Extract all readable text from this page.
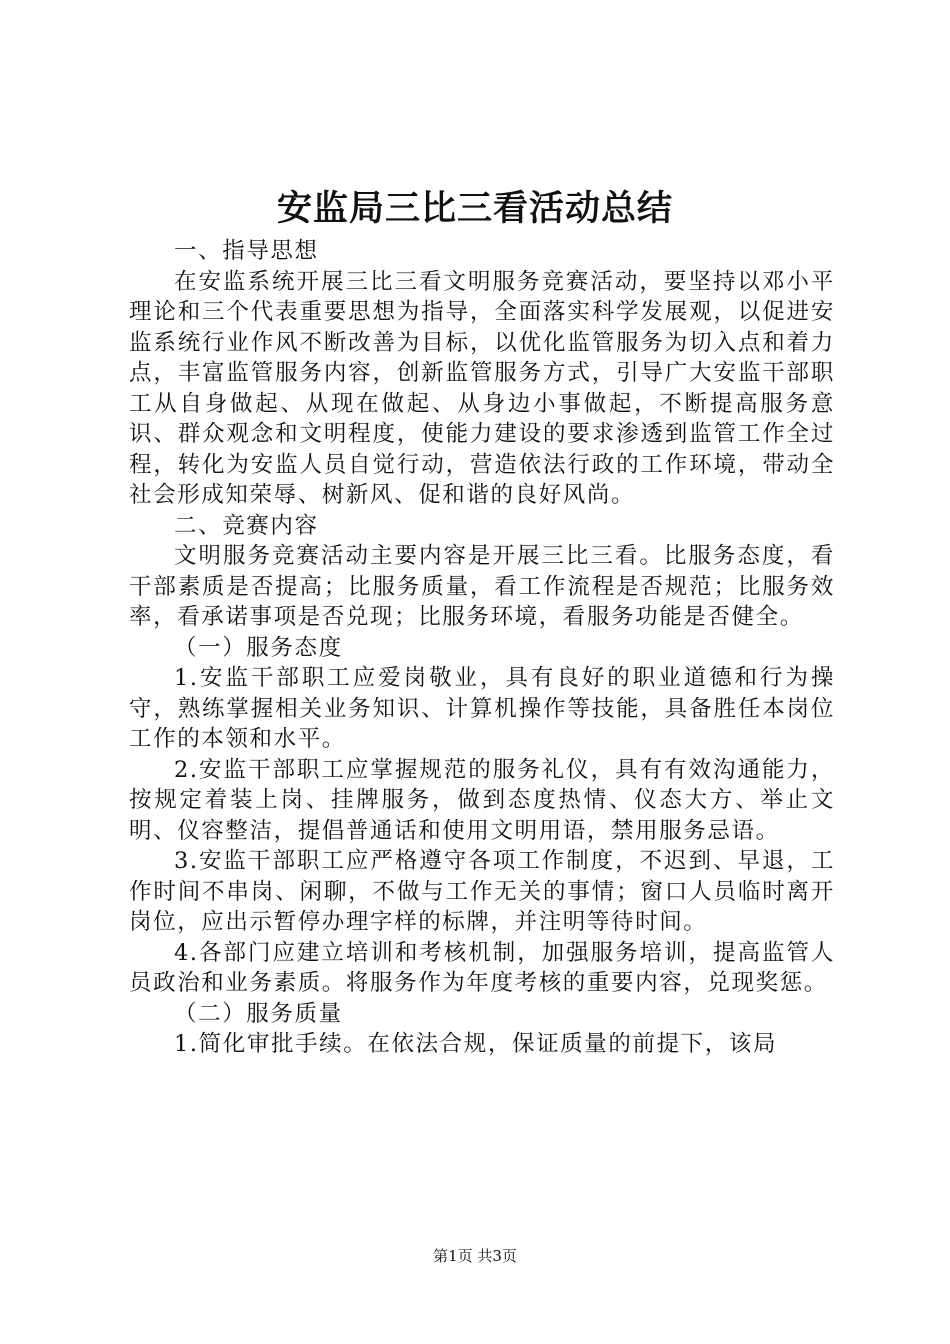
安监局三比三看活动总结

一、指导思想

在安监系统开展三比三看文明服务竞赛活动，要坚持以邓小平理论和三个代表重要思想为指导，全面落实科学发展观，以促进安监系统行业作风不断改善为目标，以优化监管服务为切入点和着力点，丰富监管服务内容，创新监管服务方式，引导广大安监干部职工从自身做起、从现在做起、从身边小事做起，不断提高服务意识、群众观念和文明程度，使能力建设的要求渗透到监管工作全过程，转化为安监人员自觉行动，营造依法行政的工作环境，带动全社会形成知荣辱、树新风、促和谐的良好风尚。

二、竞赛内容

文明服务竞赛活动主要内容是开展三比三看。比服务态度，看干部素质是否提高；比服务质量，看工作流程是否规范；比服务效率，看承诺事项是否兑现；比服务环境，看服务功能是否健全。

（一）服务态度

1.安监干部职工应爱岗敬业，具有良好的职业道德和行为操守，熟练掌握相关业务知识、计算机操作等技能，具备胜任本岗位工作的本领和水平。

2.安监干部职工应掌握规范的服务礼仪，具有有效沟通能力，按规定着装上岗、挂牌服务，做到态度热情、仪态大方、举止文明、仪容整洁，提倡普通话和使用文明用语，禁用服务忌语。

3.安监干部职工应严格遵守各项工作制度，不迟到、早退，工作时间不串岗、闲聊，不做与工作无关的事情；窗口人员临时离开岗位，应出示暂停办理字样的标牌，并注明等待时间。

4.各部门应建立培训和考核机制，加强服务培训，提高监管人员政治和业务素质。将服务作为年度考核的重要内容，兑现奖惩。

（二）服务质量

1.简化审批手续。在依法合规，保证质量的前提下，该局

第1页 共3页
